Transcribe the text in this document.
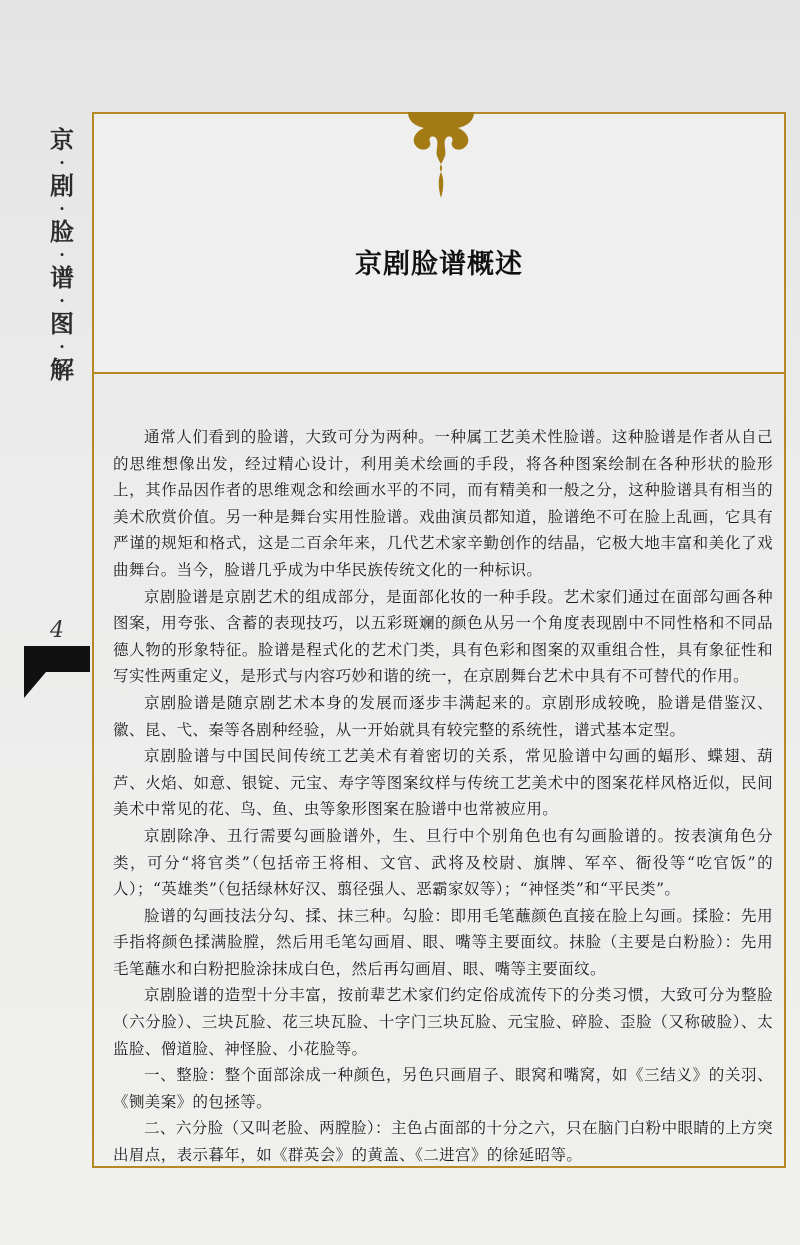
京
·
剧
·
脸
·
谱
·
图
·
解
4
京剧脸谱概述

通常人们看到的脸谱，大致可分为两种。一种属工艺美术性脸谱。这种脸谱是作者从自己的思维想像出发，经过精心设计，利用美术绘画的手段，将各种图案绘制在各种形状的脸形上，其作品因作者的思维观念和绘画水平的不同，而有精美和一般之分，这种脸谱具有相当的美术欣赏价值。另一种是舞台实用性脸谱。戏曲演员都知道，脸谱绝不可在脸上乱画，它具有严谨的规矩和格式，这是二百余年来，几代艺术家辛勤创作的结晶，它极大地丰富和美化了戏曲舞台。当今，脸谱几乎成为中华民族传统文化的一种标识。

京剧脸谱是京剧艺术的组成部分，是面部化妆的一种手段。艺术家们通过在面部勾画各种图案，用夸张、含蓄的表现技巧，以五彩斑斓的颜色从另一个角度表现剧中不同性格和不同品德人物的形象特征。脸谱是程式化的艺术门类，具有色彩和图案的双重组合性，具有象征性和写实性两重定义，是形式与内容巧妙和谐的统一，在京剧舞台艺术中具有不可替代的作用。

京剧脸谱是随京剧艺术本身的发展而逐步丰满起来的。京剧形成较晚，脸谱是借鉴汉、徽、昆、弋、秦等各剧种经验，从一开始就具有较完整的系统性，谱式基本定型。

京剧脸谱与中国民间传统工艺美术有着密切的关系，常见脸谱中勾画的蝠形、蝶翅、葫芦、火焰、如意、银锭、元宝、寿字等图案纹样与传统工艺美术中的图案花样风格近似，民间美术中常见的花、鸟、鱼、虫等象形图案在脸谱中也常被应用。

京剧除净、丑行需要勾画脸谱外，生、旦行中个别角色也有勾画脸谱的。按表演角色分类，可分“将官类”（包括帝王将相、文官、武将及校尉、旗牌、军卒、衙役等“吃官饭”的人）；“英雄类”（包括绿林好汉、翦径强人、恶霸家奴等）；“神怪类”和“平民类”。

脸谱的勾画技法分勾、揉、抹三种。勾脸：即用毛笔蘸颜色直接在脸上勾画。揉脸：先用手指将颜色揉满脸膛，然后用毛笔勾画眉、眼、嘴等主要面纹。抹脸（主要是白粉脸）：先用毛笔蘸水和白粉把脸涂抹成白色，然后再勾画眉、眼、嘴等主要面纹。

京剧脸谱的造型十分丰富，按前辈艺术家们约定俗成流传下的分类习惯，大致可分为整脸（六分脸）、三块瓦脸、花三块瓦脸、十字门三块瓦脸、元宝脸、碎脸、歪脸（又称破脸）、太监脸、僧道脸、神怪脸、小花脸等。

一、整脸：整个面部涂成一种颜色，另色只画眉子、眼窝和嘴窝，如《三结义》的关羽、《铡美案》的包拯等。

二、六分脸（又叫老脸、两膛脸）：主色占面部的十分之六，只在脑门白粉中眼睛的上方突出眉点，表示暮年，如《群英会》的黄盖、《二进宫》的徐延昭等。
